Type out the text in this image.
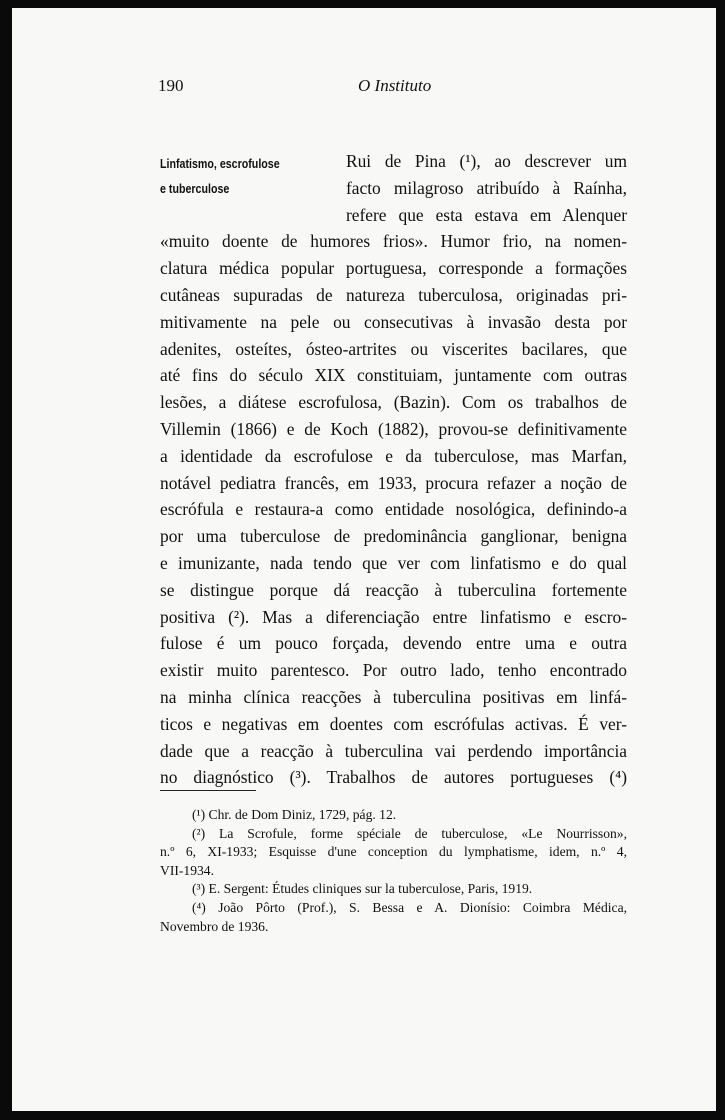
190	O Instituto
Linfatismo, escrofulose
e tuberculose
Rui de Pina (¹), ao descrever um
facto milagroso atribuído à Raínha,
refere que esta estava em Alenquer
«muito doente de humores frios». Humor frio, na nomen-
clatura médica popular portuguesa, corresponde a formações
cutâneas supuradas de natureza tuberculosa, originadas pri-
mitivamente na pele ou consecutivas à invasão desta por
adenites, osteítes, ósteo-artrites ou viscerites bacilares, que
até fins do século XIX constituiam, juntamente com outras
lesões, a diátese escrofulosa, (Bazin). Com os trabalhos de
Villemin (1866) e de Koch (1882), provou-se definitivamente
a identidade da escrofulose e da tuberculose, mas Marfan,
notável pediatra francês, em 1933, procura refazer a noção de
escrófula e restaura-a como entidade nosológica, definindo-a
por uma tuberculose de predominância ganglionar, benigna
e imunizante, nada tendo que ver com linfatismo e do qual
se distingue porque dá reacção à tuberculina fortemente
positiva (²). Mas a diferenciação entre linfatismo e escro-
fulose é um pouco forçada, devendo entre uma e outra
existir muito parentesco. Por outro lado, tenho encontrado
na minha clínica reacções à tuberculina positivas em linfá-
ticos e negativas em doentes com escrófulas activas. É ver-
dade que a reacção à tuberculina vai perdendo importância
no diagnóstico (³). Trabalhos de autores portugueses (⁴)
(¹) Chr. de Dom Diniz, 1729, pág. 12.
(²) La Scrofule, forme spéciale de tuberculose, «Le Nourrisson»,
n.º 6, XI-1933; Esquisse d'une conception du lymphatisme, idem, n.º 4,
VII-1934.
(³) E. Sergent: Études cliniques sur la tuberculose, Paris, 1919.
(⁴) João Pôrto (Prof.), S. Bessa e A. Dionísio: Coimbra Médica,
Novembro de 1936.
